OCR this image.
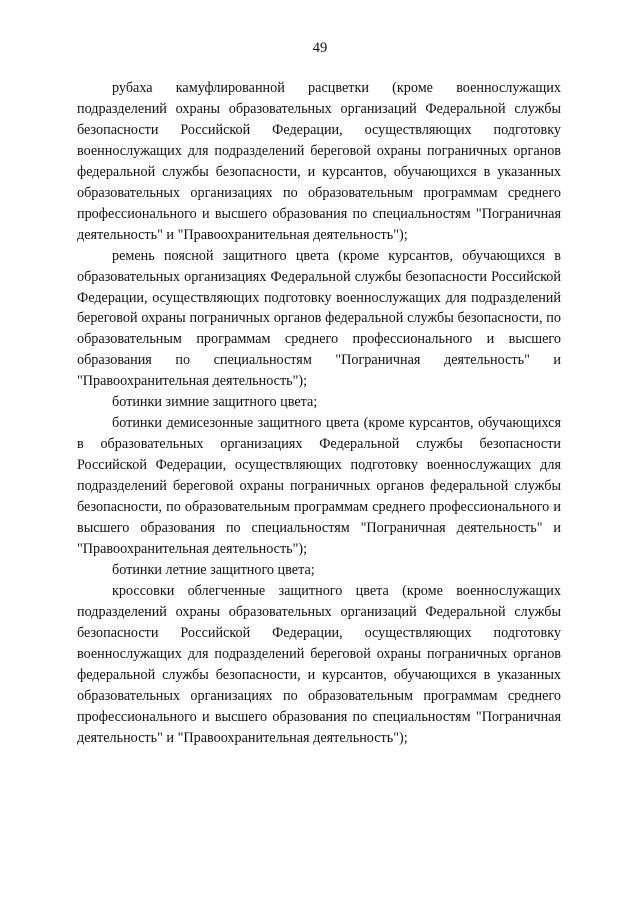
49

рубаха камуфлированной расцветки (кроме военнослужащих подразделений охраны образовательных организаций Федеральной службы безопасности Российской Федерации, осуществляющих подготовку военнослужащих для подразделений береговой охраны пограничных органов федеральной службы безопасности, и курсантов, обучающихся в указанных образовательных организациях по образовательным программам среднего профессионального и высшего образования по специальностям "Пограничная деятельность" и "Правоохранительная деятельность");

ремень поясной защитного цвета (кроме курсантов, обучающихся в образовательных организациях Федеральной службы безопасности Российской Федерации, осуществляющих подготовку военнослужащих для подразделений береговой охраны пограничных органов федеральной службы безопасности, по образовательным программам среднего профессионального и высшего образования по специальностям "Пограничная деятельность" и "Правоохранительная деятельность");

ботинки зимние защитного цвета;

ботинки демисезонные защитного цвета (кроме курсантов, обучающихся в образовательных организациях Федеральной службы безопасности Российской Федерации, осуществляющих подготовку военнослужащих для подразделений береговой охраны пограничных органов федеральной службы безопасности, по образовательным программам среднего профессионального и высшего образования по специальностям "Пограничная деятельность" и "Правоохранительная деятельность");

ботинки летние защитного цвета;

кроссовки облегченные защитного цвета (кроме военнослужащих подразделений охраны образовательных организаций Федеральной службы безопасности Российской Федерации, осуществляющих подготовку военнослужащих для подразделений береговой охраны пограничных органов федеральной службы безопасности, и курсантов, обучающихся в указанных образовательных организациях по образовательным программам среднего профессионального и высшего образования по специальностям "Пограничная деятельность" и "Правоохранительная деятельность");
